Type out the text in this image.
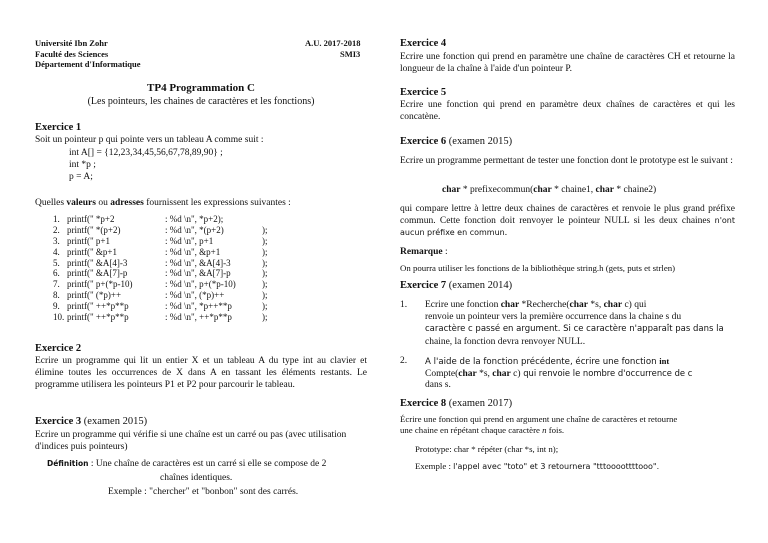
Université Ibn Zohr
Faculté des Sciences
Département d'Informatique
A.U. 2017-2018
SMI3
TP4 Programmation C
(Les pointeurs, les chaines de caractères et les fonctions)
Exercice 1
Soit un pointeur p qui pointe vers un tableau A comme suit :
int A[] = {12,23,34,45,56,67,78,89,90} ;
int *p ;
p = A;
Quelles valeurs ou adresses fournissent les expressions suivantes :
1. printf(" *p+2	: %d \n", *p+2);
2. printf(" *(p+2)	: %d \n", *(p+2)	);
3. printf(" p+1	: %d \n", p+1	);
4. printf(" &p+1	: %d \n", &p+1	);
5. printf(" &A[4]-3	: %d \n", &A[4]-3	);
6. printf(" &A[7]-p	: %d \n", &A[7]-p	);
7. printf(" p+(*p-10)	: %d \n", p+(*p-10)	);
8. printf(" (*p)++	: %d \n", (*p)++	);
9. printf(" ++*p**p	: %d \n", *p++**p	);
10. printf(" ++*p**p	: %d \n", ++*p**p	);
Exercice 2
Ecrire un programme qui lit un entier X et un tableau A du type int au clavier et élimine toutes les occurrences de X dans A en tassant les éléments restants. Le programme utilisera les pointeurs P1 et P2 pour parcourir le tableau.
Exercice 3 (examen 2015)
Ecrire un programme qui vérifie si une chaîne est un carré ou pas (avec utilisation d'indices puis pointeurs)
Définition : Une chaîne de caractères est un carré si elle se compose de 2
chaînes identiques.
Exemple : "chercher" et "bonbon" sont des carrés.
Exercice 4
Ecrire une fonction qui prend en paramètre une chaîne de caractères CH et retourne la longueur de la chaîne à l'aide d'un pointeur P.
Exercice 5
Ecrire une fonction qui prend en paramètre deux chaînes de caractères et qui les concatène.
Exercice 6 (examen 2015)
Ecrire un programme permettant de tester une fonction dont le prototype est le suivant :
char * prefixecommun(char * chaine1, char * chaine2)
qui compare lettre à lettre deux chaines de caractères et renvoie le plus grand préfixe commun. Cette fonction doit renvoyer le pointeur NULL si les deux chaines n'ont aucun préfixe en commun.
Remarque :
On pourra utiliser les fonctions de la bibliothèque string.h (gets, puts et strlen)
Exercice 7 (examen 2014)
1. Ecrire une fonction char *Recherche(char *s, char c) qui
renvoie un pointeur vers la première occurrence dans la chaine s du
caractère c passé en argument. Si ce caractère n'apparaît pas dans la
chaine, la fonction devra renvoyer NULL.
2. A l'aide de la fonction précédente, écrire une fonction int
Compte(char *s, char c) qui renvoie le nombre d'occurrence de c
dans s.
Exercice 8 (examen 2017)
Écrire une fonction qui prend en argument une chaîne de caractères et retourne
une chaine en répétant chaque caractère n fois.
Prototype: char * répéter (char *s, int n);
Exemple : l'appel avec "toto" et 3 retournera "tttoooottttooo".
